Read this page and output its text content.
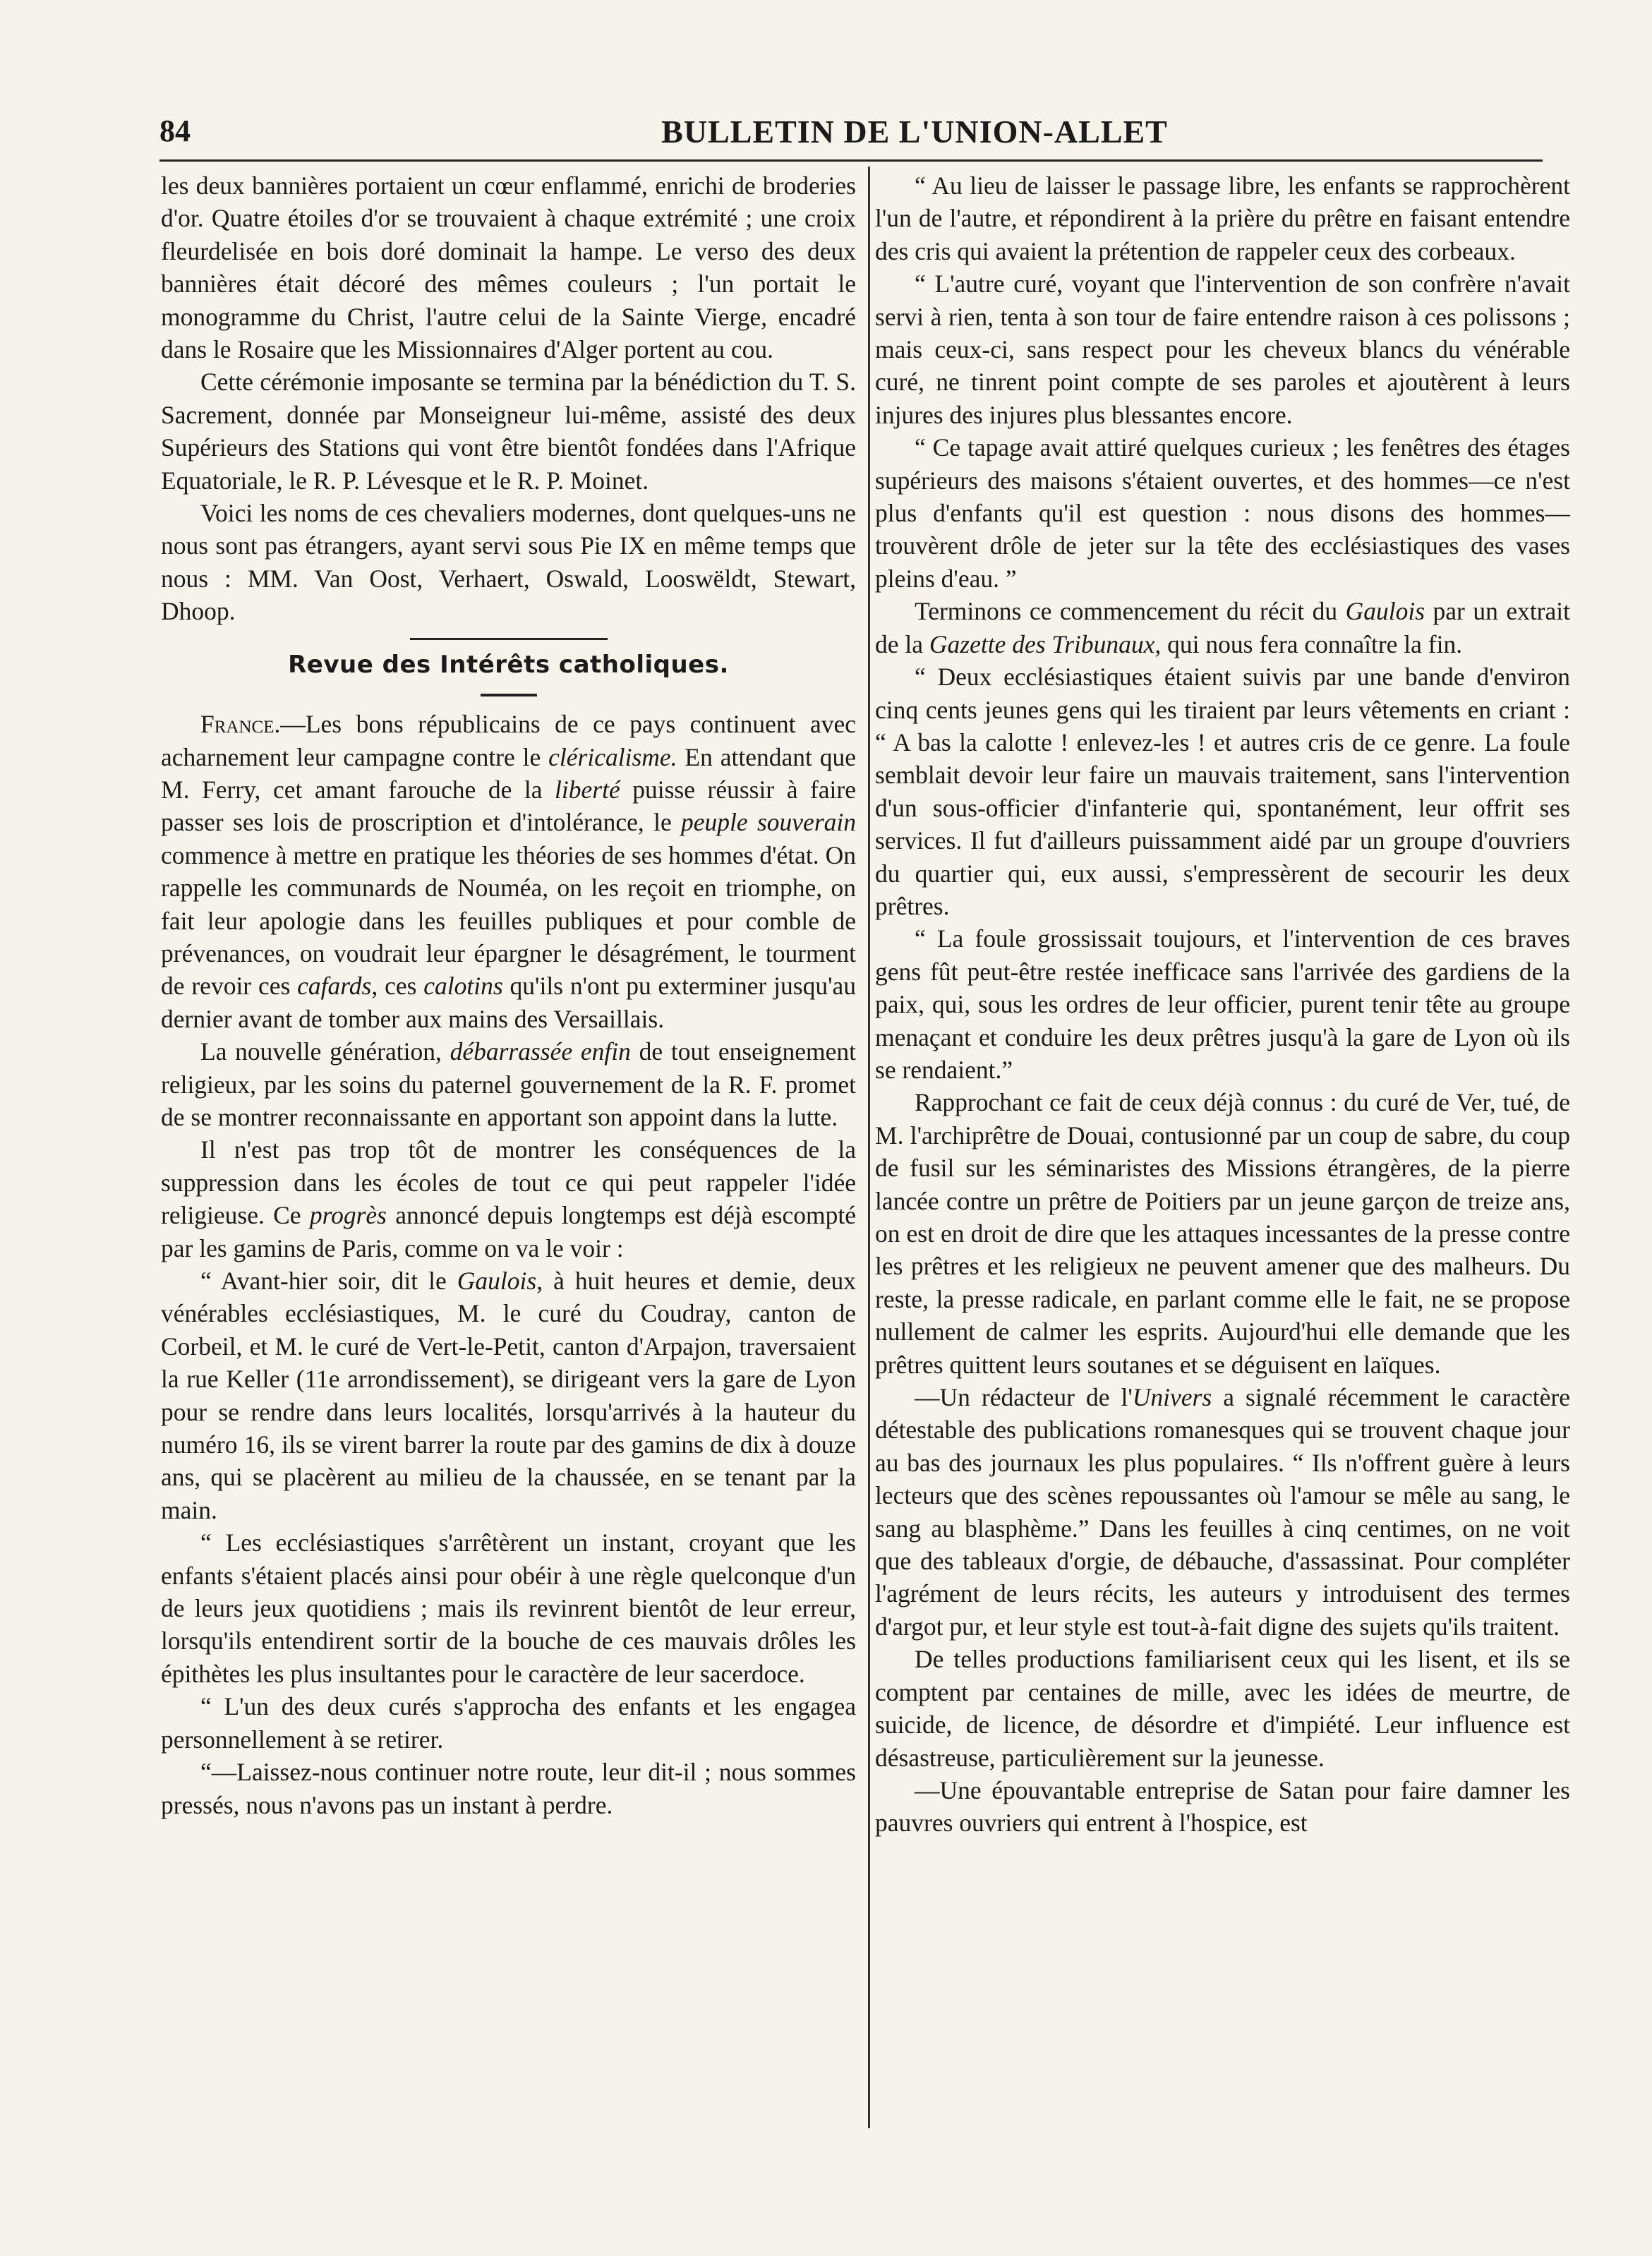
84	BULLETIN DE L'UNION-ALLET

les deux bannières portaient un cœur enflammé, enrichi de broderies d'or. Quatre étoiles d'or se trouvaient à chaque extrémité ; une croix fleurdelisée en bois doré dominait la hampe. Le verso des deux bannières était décoré des mêmes couleurs ; l'un portait le monogramme du Christ, l'autre celui de la Sainte Vierge, encadré dans le Rosaire que les Missionnaires d'Alger portent au cou.

Cette cérémonie imposante se termina par la bénédiction du T. S. Sacrement, donnée par Monseigneur lui-même, assisté des deux Supérieurs des Stations qui vont être bientôt fondées dans l'Afrique Equatoriale, le R. P. Lévesque et le R. P. Moinet.

Voici les noms de ces chevaliers modernes, dont quelques-uns ne nous sont pas étrangers, ayant servi sous Pie IX en même temps que nous : MM. Van Oost, Verhaert, Oswald, Looswëldt, Stewart, Dhoop.

Revue des Intérêts catholiques.

France.—Les bons républicains de ce pays continuent avec acharnement leur campagne contre le cléricalisme. En attendant que M. Ferry, cet amant farouche de la liberté puisse réussir à faire passer ses lois de proscription et d'intolérance, le peuple souverain commence à mettre en pratique les théories de ses hommes d'état. On rappelle les communards de Nouméa, on les reçoit en triomphe, on fait leur apologie dans les feuilles publiques et pour comble de prévenances, on voudrait leur épargner le désagrément, le tourment de revoir ces cafards, ces calotins qu'ils n'ont pu exterminer jusqu'au dernier avant de tomber aux mains des Versaillais.

La nouvelle génération, débarrassée enfin de tout enseignement religieux, par les soins du paternel gouvernement de la R. F. promet de se montrer reconnaissante en apportant son appoint dans la lutte.

Il n'est pas trop tôt de montrer les conséquences de la suppression dans les écoles de tout ce qui peut rappeler l'idée religieuse. Ce progrès annoncé depuis longtemps est déjà escompté par les gamins de Paris, comme on va le voir :

“ Avant-hier soir, dit le Gaulois, à huit heures et demie, deux vénérables ecclésiastiques, M. le curé du Coudray, canton de Corbeil, et M. le curé de Vert-le-Petit, canton d'Arpajon, traversaient la rue Keller (11e arrondissement), se dirigeant vers la gare de Lyon pour se rendre dans leurs localités, lorsqu'arrivés à la hauteur du numéro 16, ils se virent barrer la route par des gamins de dix à douze ans, qui se placèrent au milieu de la chaussée, en se tenant par la main.

“ Les ecclésiastiques s'arrêtèrent un instant, croyant que les enfants s'étaient placés ainsi pour obéir à une règle quelconque d'un de leurs jeux quotidiens ; mais ils revinrent bientôt de leur erreur, lorsqu'ils entendirent sortir de la bouche de ces mauvais drôles les épithètes les plus insultantes pour le caractère de leur sacerdoce.

“ L'un des deux curés s'approcha des enfants et les engagea personnellement à se retirer.

“—Laissez-nous continuer notre route, leur dit-il ; nous sommes pressés, nous n'avons pas un instant à perdre.

“ Au lieu de laisser le passage libre, les enfants se rapprochèrent l'un de l'autre, et répondirent à la prière du prêtre en faisant entendre des cris qui avaient la prétention de rappeler ceux des corbeaux.

“ L'autre curé, voyant que l'intervention de son confrère n'avait servi à rien, tenta à son tour de faire entendre raison à ces polissons ; mais ceux-ci, sans respect pour les cheveux blancs du vénérable curé, ne tinrent point compte de ses paroles et ajoutèrent à leurs injures des injures plus blessantes encore.

“ Ce tapage avait attiré quelques curieux ; les fenêtres des étages supérieurs des maisons s'étaient ouvertes, et des hommes—ce n'est plus d'enfants qu'il est question : nous disons des hommes—trouvèrent drôle de jeter sur la tête des ecclésiastiques des vases pleins d'eau. ”

Terminons ce commencement du récit du Gaulois par un extrait de la Gazette des Tribunaux, qui nous fera connaître la fin.

“ Deux ecclésiastiques étaient suivis par une bande d'environ cinq cents jeunes gens qui les tiraient par leurs vêtements en criant : “ A bas la calotte ! enlevez-les ! et autres cris de ce genre. La foule semblait devoir leur faire un mauvais traitement, sans l'intervention d'un sous-officier d'infanterie qui, spontanément, leur offrit ses services. Il fut d'ailleurs puissamment aidé par un groupe d'ouvriers du quartier qui, eux aussi, s'empressèrent de secourir les deux prêtres.

“ La foule grossissait toujours, et l'intervention de ces braves gens fût peut-être restée inefficace sans l'arrivée des gardiens de la paix, qui, sous les ordres de leur officier, purent tenir tête au groupe menaçant et conduire les deux prêtres jusqu'à la gare de Lyon où ils se rendaient.”

Rapprochant ce fait de ceux déjà connus : du curé de Ver, tué, de M. l'archiprêtre de Douai, contusionné par un coup de sabre, du coup de fusil sur les séminaristes des Missions étrangères, de la pierre lancée contre un prêtre de Poitiers par un jeune garçon de treize ans, on est en droit de dire que les attaques incessantes de la presse contre les prêtres et les religieux ne peuvent amener que des malheurs. Du reste, la presse radicale, en parlant comme elle le fait, ne se propose nullement de calmer les esprits. Aujourd'hui elle demande que les prêtres quittent leurs soutanes et se déguisent en laïques.

—Un rédacteur de l'Univers a signalé récemment le caractère détestable des publications romanesques qui se trouvent chaque jour au bas des journaux les plus populaires. “ Ils n'offrent guère à leurs lecteurs que des scènes repoussantes où l'amour se mêle au sang, le sang au blasphème.” Dans les feuilles à cinq centimes, on ne voit que des tableaux d'orgie, de débauche, d'assassinat. Pour compléter l'agrément de leurs récits, les auteurs y introduisent des termes d'argot pur, et leur style est tout-à-fait digne des sujets qu'ils traitent.

De telles productions familiarisent ceux qui les lisent, et ils se comptent par centaines de mille, avec les idées de meurtre, de suicide, de licence, de désordre et d'impiété. Leur influence est désastreuse, particulièrement sur la jeunesse.

—Une épouvantable entreprise de Satan pour faire damner les pauvres ouvriers qui entrent à l'hospice, est
